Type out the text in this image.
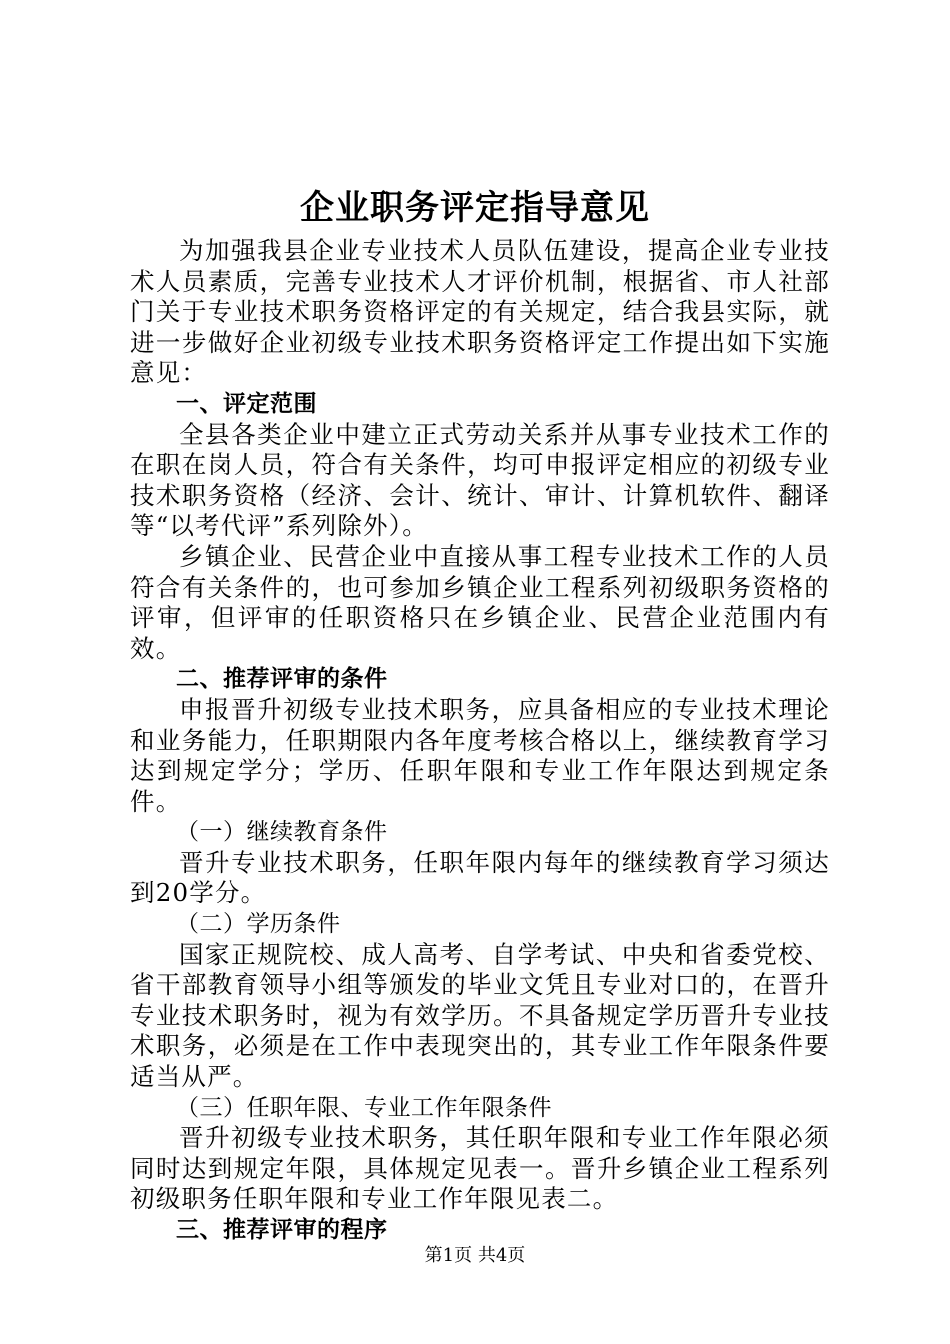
企业职务评定指导意见

为加强我县企业专业技术人员队伍建设，提高企业专业技术人员素质，完善专业技术人才评价机制，根据省、市人社部门关于专业技术职务资格评定的有关规定，结合我县实际，就进一步做好企业初级专业技术职务资格评定工作提出如下实施意见：

一、评定范围

全县各类企业中建立正式劳动关系并从事专业技术工作的在职在岗人员，符合有关条件，均可申报评定相应的初级专业技术职务资格（经济、会计、统计、审计、计算机软件、翻译等“以考代评”系列除外）。

乡镇企业、民营企业中直接从事工程专业技术工作的人员符合有关条件的，也可参加乡镇企业工程系列初级职务资格的评审，但评审的任职资格只在乡镇企业、民营企业范围内有效。

二、推荐评审的条件

申报晋升初级专业技术职务，应具备相应的专业技术理论和业务能力，任职期限内各年度考核合格以上，继续教育学习达到规定学分；学历、任职年限和专业工作年限达到规定条件。

（一）继续教育条件

晋升专业技术职务，任职年限内每年的继续教育学习须达到20学分。

（二）学历条件

国家正规院校、成人高考、自学考试、中央和省委党校、省干部教育领导小组等颁发的毕业文凭且专业对口的，在晋升专业技术职务时，视为有效学历。不具备规定学历晋升专业技术职务，必须是在工作中表现突出的，其专业工作年限条件要适当从严。

（三）任职年限、专业工作年限条件

晋升初级专业技术职务，其任职年限和专业工作年限必须同时达到规定年限，具体规定见表一。晋升乡镇企业工程系列初级职务任职年限和专业工作年限见表二。

三、推荐评审的程序

第1页 共4页
